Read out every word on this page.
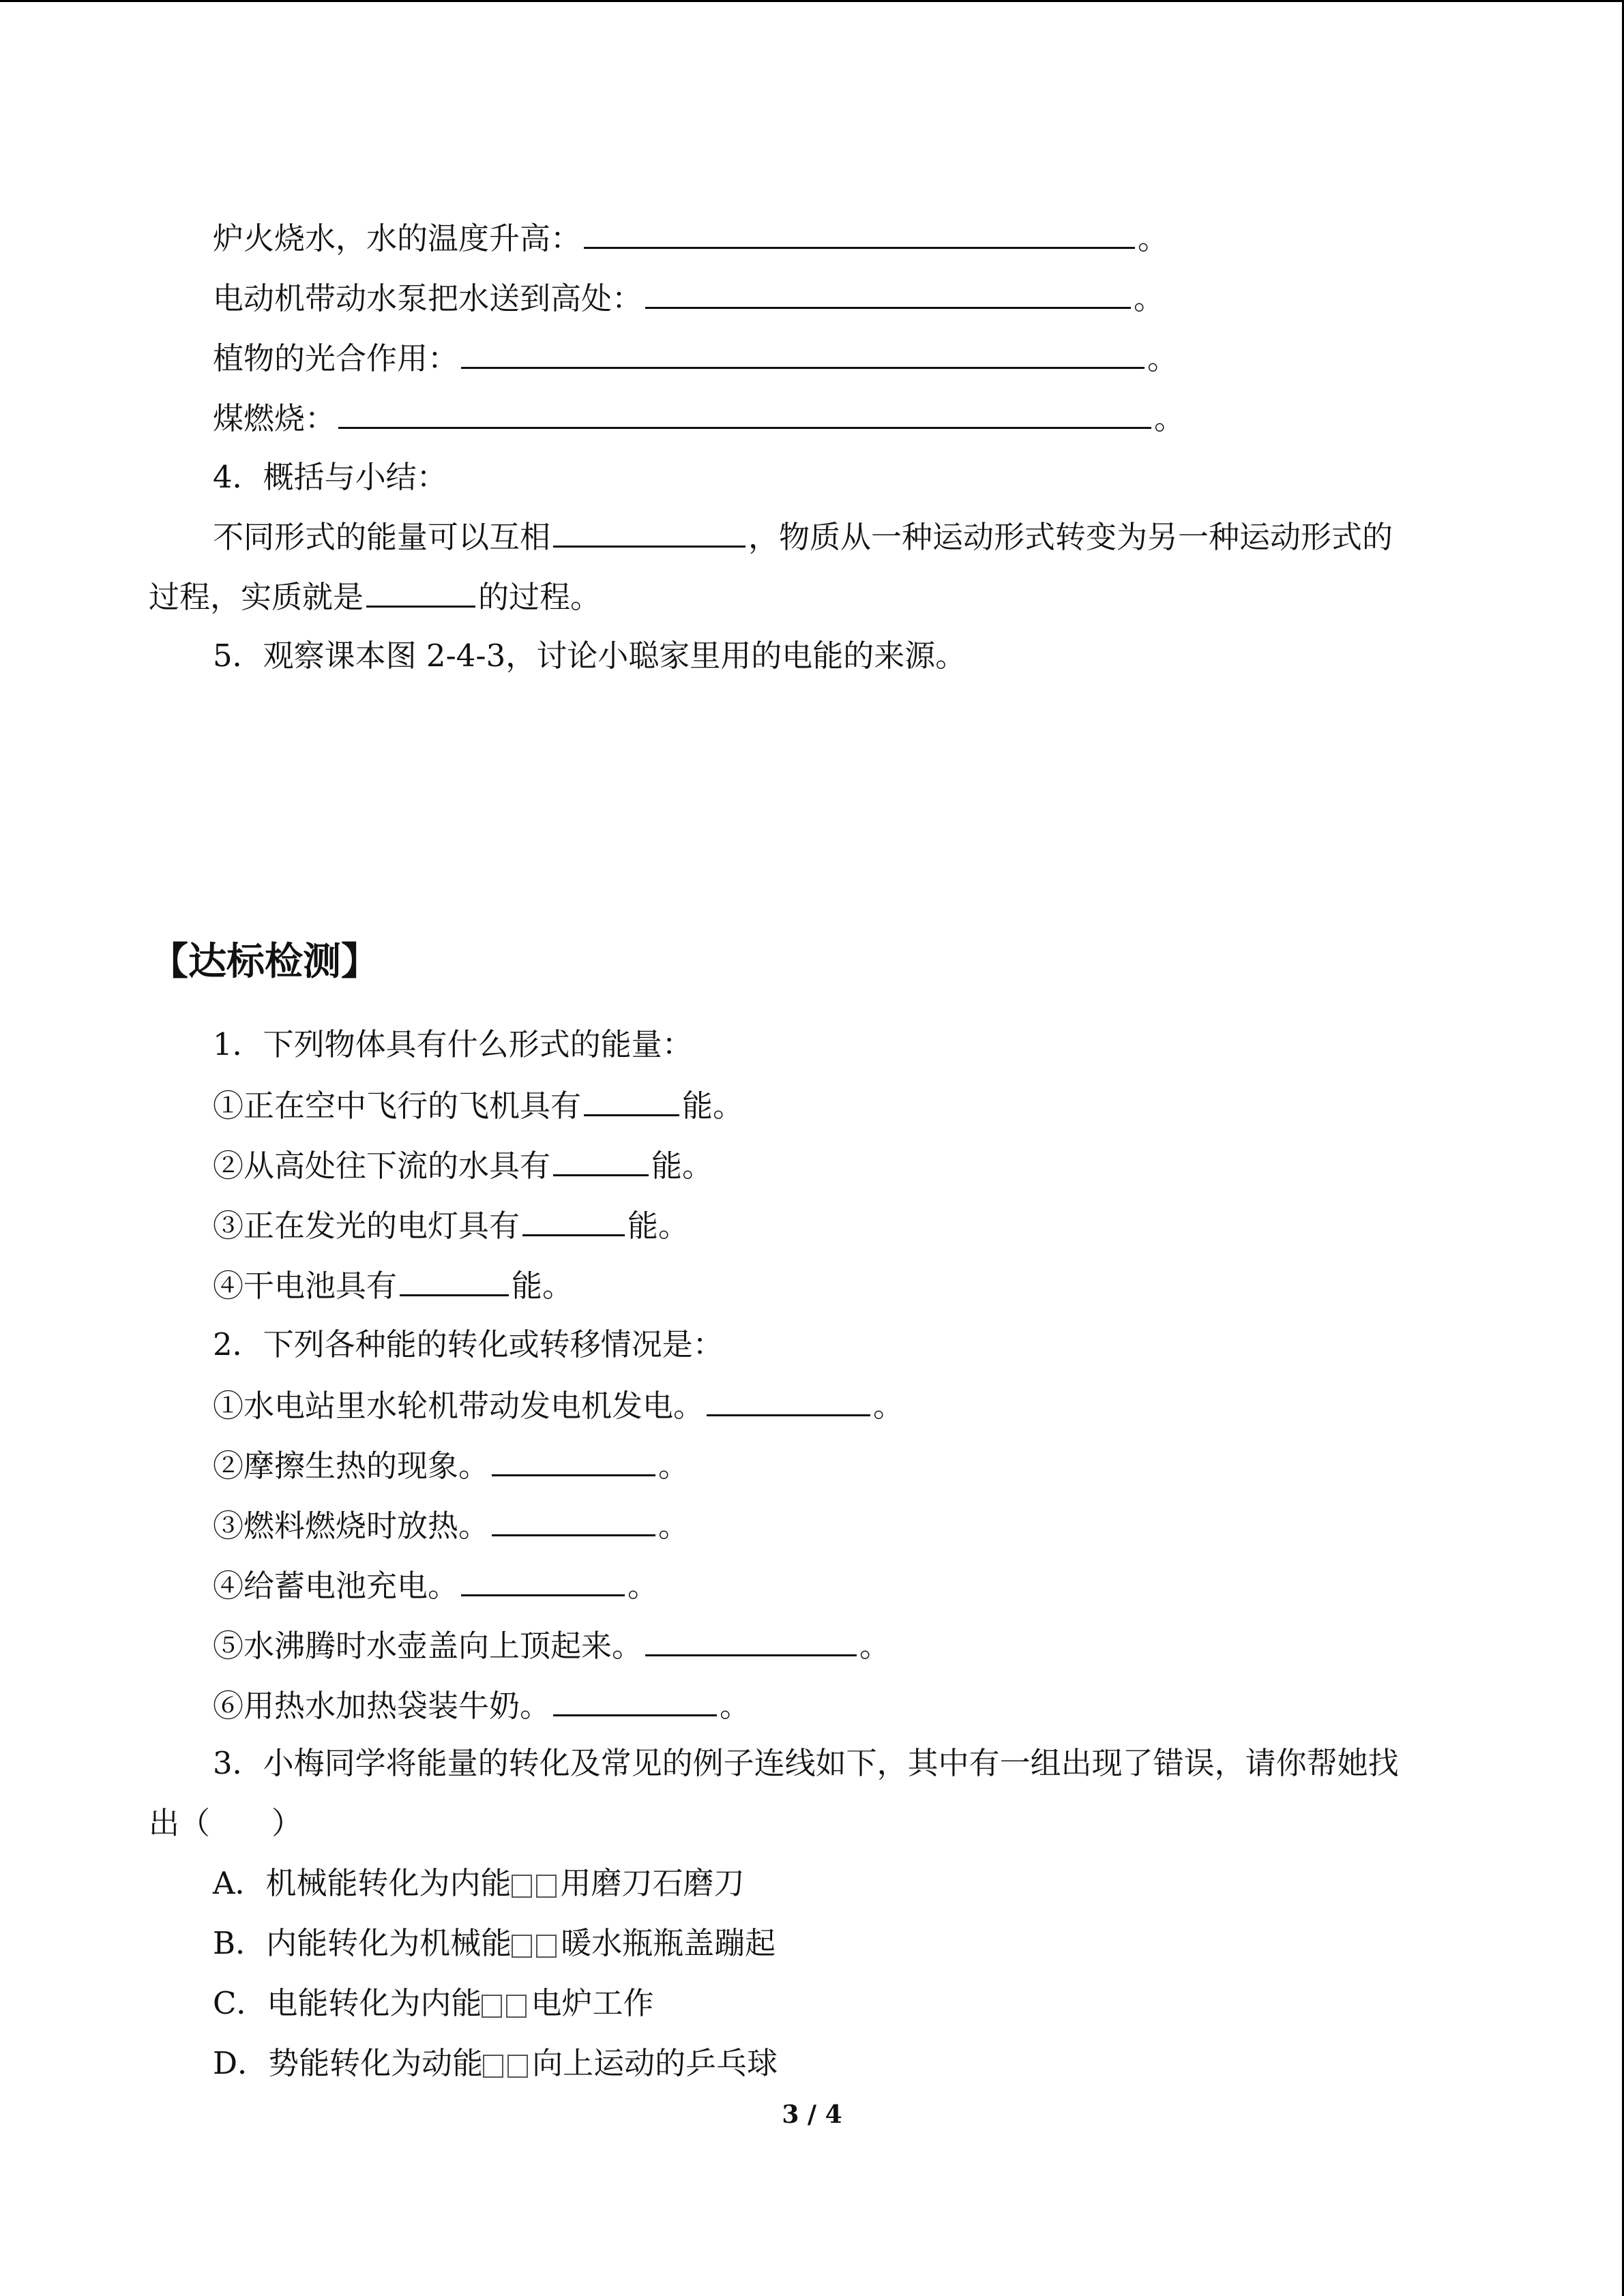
炉火烧水，水的温度升高：	。
电动机带动水泵把水送到高处：	。
植物的光合作用：	。
煤燃烧：	。
4．概括与小结：
不同形式的能量可以互相	，物质从一种运动形式转变为另一种运动形式的
过程，实质就是	的过程。
5．观察课本图 2-4-3，讨论小聪家里用的电能的来源。
【达标检测】
1．下列物体具有什么形式的能量：
①正在空中飞行的飞机具有	能。
②从高处往下流的水具有	能。
③正在发光的电灯具有	能。
④干电池具有	能。
2．下列各种能的转化或转移情况是：
①水电站里水轮机带动发电机发电。	。
②摩擦生热的现象。	。
③燃料燃烧时放热。	。
④给蓄电池充电。	。
⑤水沸腾时水壶盖向上顶起来。	。
⑥用热水加热袋装牛奶。	。
3．小梅同学将能量的转化及常见的例子连线如下，其中有一组出现了错误，请你帮她找
出（　　）
A．机械能转化为内能 用磨刀石磨刀
B．内能转化为机械能 暖水瓶瓶盖蹦起
C．电能转化为内能 电炉工作
D．势能转化为动能 向上运动的乒乓球
3 / 4
